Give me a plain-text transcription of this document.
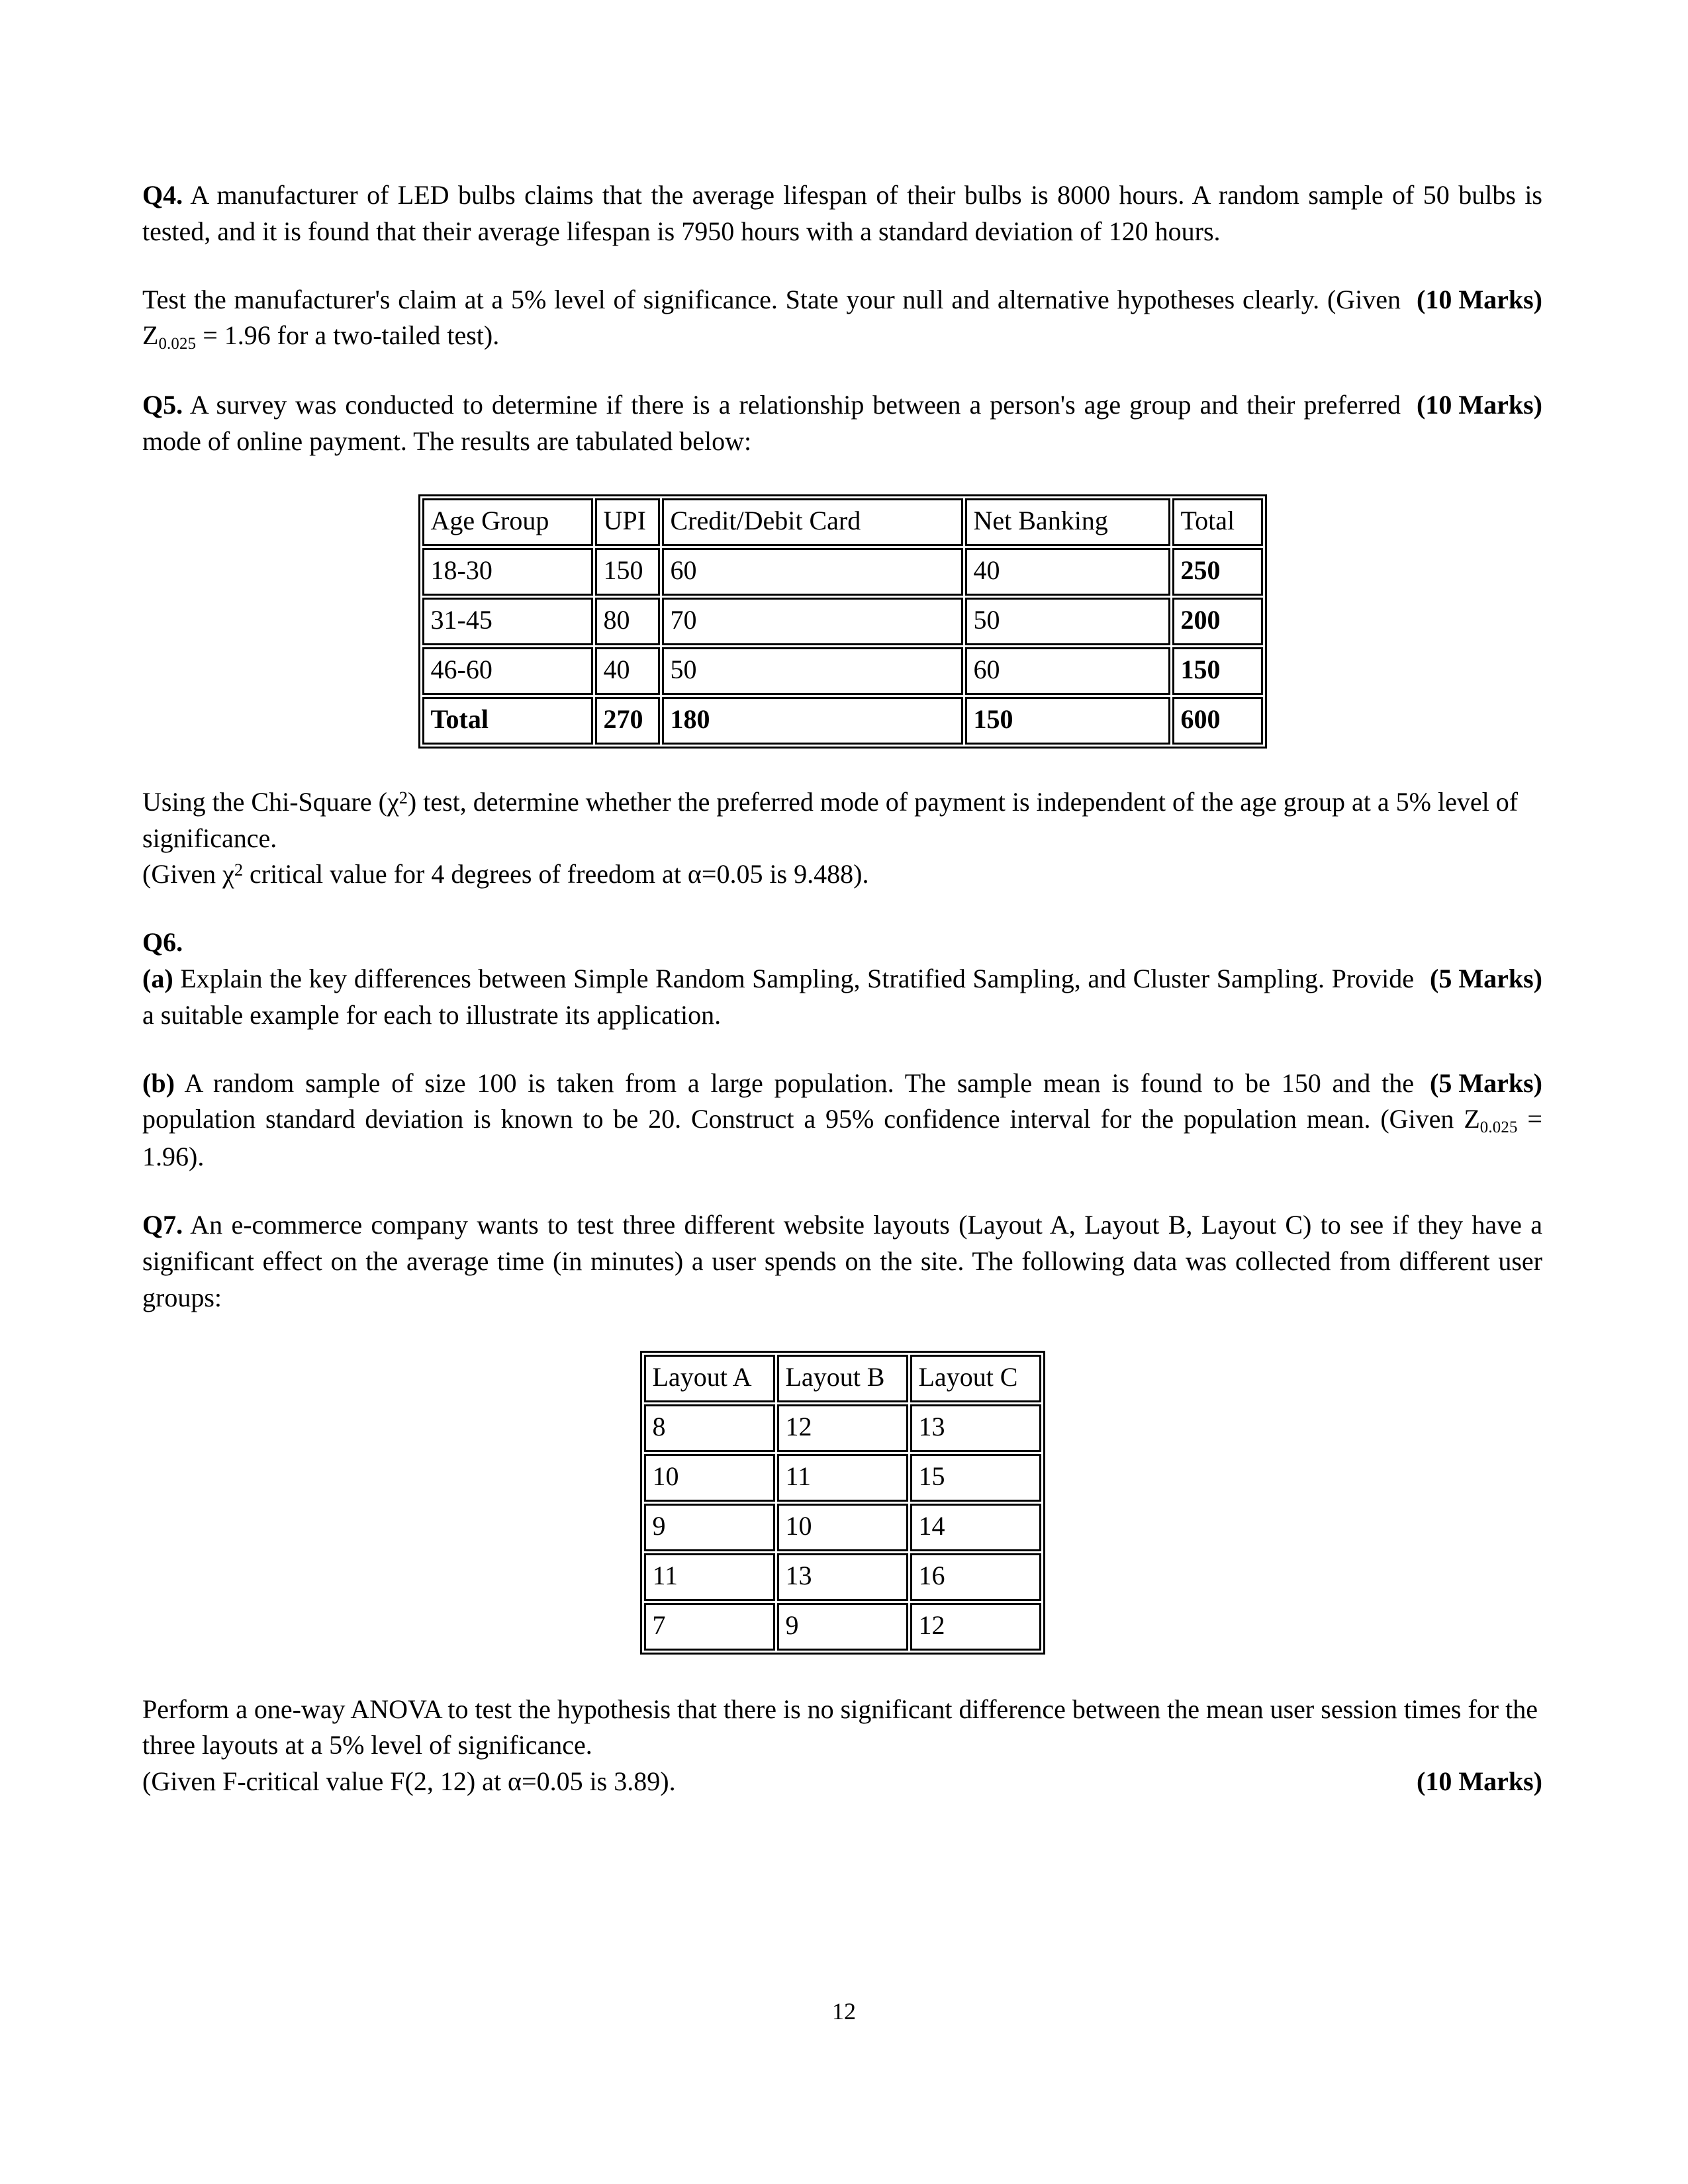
Q4. A manufacturer of LED bulbs claims that the average lifespan of their bulbs is 8000 hours. A random sample of 50 bulbs is tested, and it is found that their average lifespan is 7950 hours with a standard deviation of 120 hours.

(10 Marks)
Test the manufacturer's claim at a 5% level of significance. State your null and alternative hypotheses clearly. (Given $Z_{0.025} = 1.96$ for a two-tailed test).

(10 Marks)
Q5. A survey was conducted to determine if there is a relationship between a person's age group and their preferred mode of online payment. The results are tabulated below:

Age Group	UPI	Credit/Debit Card	Net Banking	Total
18-30	150	60	40	250
31-45	80	70	50	200
46-60	40	50	60	150
Total	270	180	150	600

Using the Chi-Square $(\chi^2)$ test, determine whether the preferred mode of payment is independent of the age group at a 5% level of significance.

(Given $\chi^2$ critical value for 4 degrees of freedom at α=0.05 is 9.488).

Q6.

(5 Marks)
(a) Explain the key differences between Simple Random Sampling, Stratified Sampling, and Cluster Sampling. Provide a suitable example for each to illustrate its application.

(5 Marks)
(b) A random sample of size 100 is taken from a large population. The sample mean is found to be 150 and the population standard deviation is known to be 20. Construct a 95% confidence interval for the population mean. (Given $Z_{0.025} = 1.96$).

Q7. An e-commerce company wants to test three different website layouts (Layout A, Layout B, Layout C) to see if they have a significant effect on the average time (in minutes) a user spends on the site. The following data was collected from different user groups:

Layout A	Layout B	Layout C
8	12	13
10	11	15
9	10	14
11	13	16
7	9	12

Perform a one-way ANOVA to test the hypothesis that there is no significant difference between the mean user session times for the three layouts at a 5% level of significance.

(10 Marks)
(Given F-critical value F(2, 12) at α=0.05 is 3.89).

12
